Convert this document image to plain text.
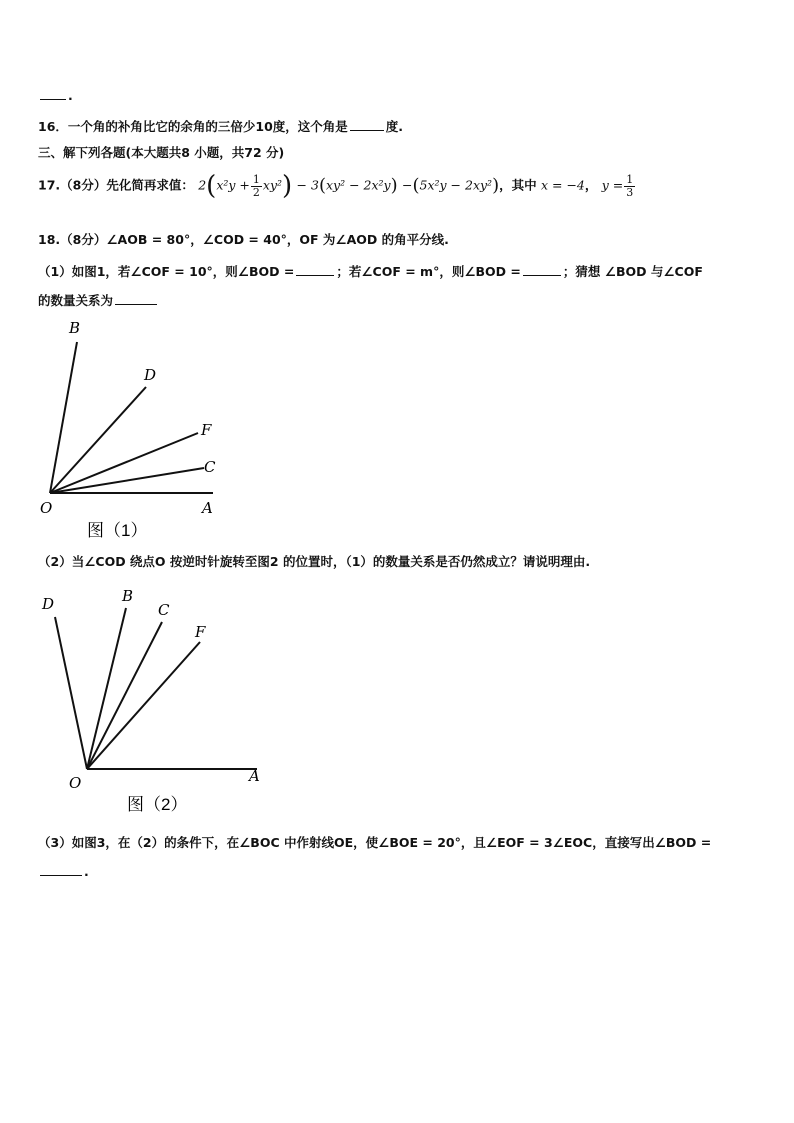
.
16．一个角的补角比它的余角的三倍少10度，这个角是	度.
三、解下列各题(本大题共8 小题，共72 分)
17.（8分）先化简再求值： $2(x^2y + \frac{1}{2} xy^2) - 3(xy^2 - 2x^2y) -(5x^2y - 2xy^2)$，其中 x = −4， $y = \frac{1}{3}$
18.（8分）∠AOB = 80°，∠COD = 40°，OF 为∠AOD 的角平分线.
（1）如图1，若∠COF = 10°，则∠BOD =	；若∠COF = m°，则∠BOD =	；猜想 ∠BOD 与∠COF
的数量关系为
B
D
F
C
O	A
图（1）
（2）当∠COD 绕点O 按逆时针旋转至图2 的位置时，（1）的数量关系是否仍然成立？请说明理由.
D	B
C
F
O	A
图（2）
（3）如图3，在（2）的条件下，在∠BOC 中作射线OE，使∠BOE = 20°，且∠EOF = 3∠EOC，直接写出∠BOD =
.
